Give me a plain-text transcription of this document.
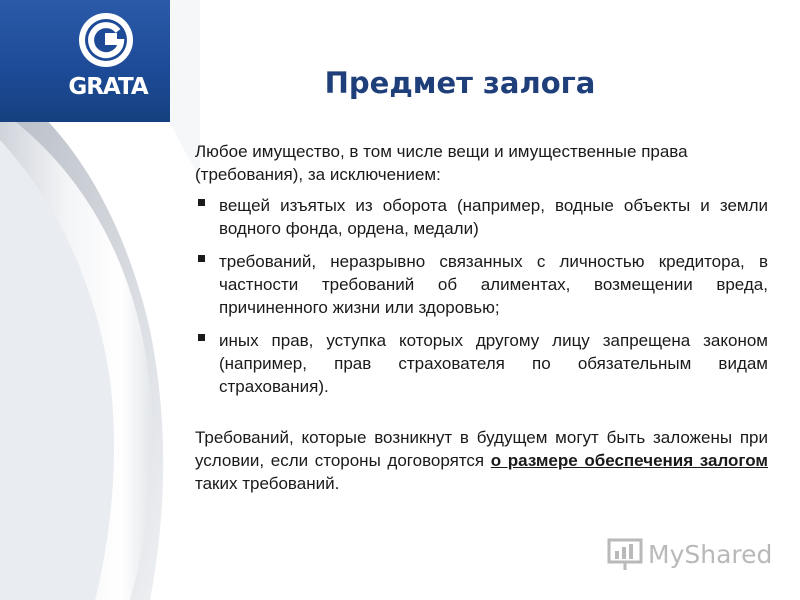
GRATA	Предмет залога

Любое имущество, в том числе вещи и имущественные права (требования), за исключением:

вещей изъятых из оборота (например, водные объекты и земли водного фонда, ордена, медали)
требований, неразрывно связанных с личностью кредитора, в частности требований об алиментах, возмещении вреда, причиненного жизни или здоровью;
иных прав, уступка которых другому лицу запрещена законом (например, прав страхователя по обязательным видам страхования).

Требований, которые возникнут в будущем могут быть заложены при условии, если стороны договорятся о размере обеспечения залогом таких требований.

MyShared
